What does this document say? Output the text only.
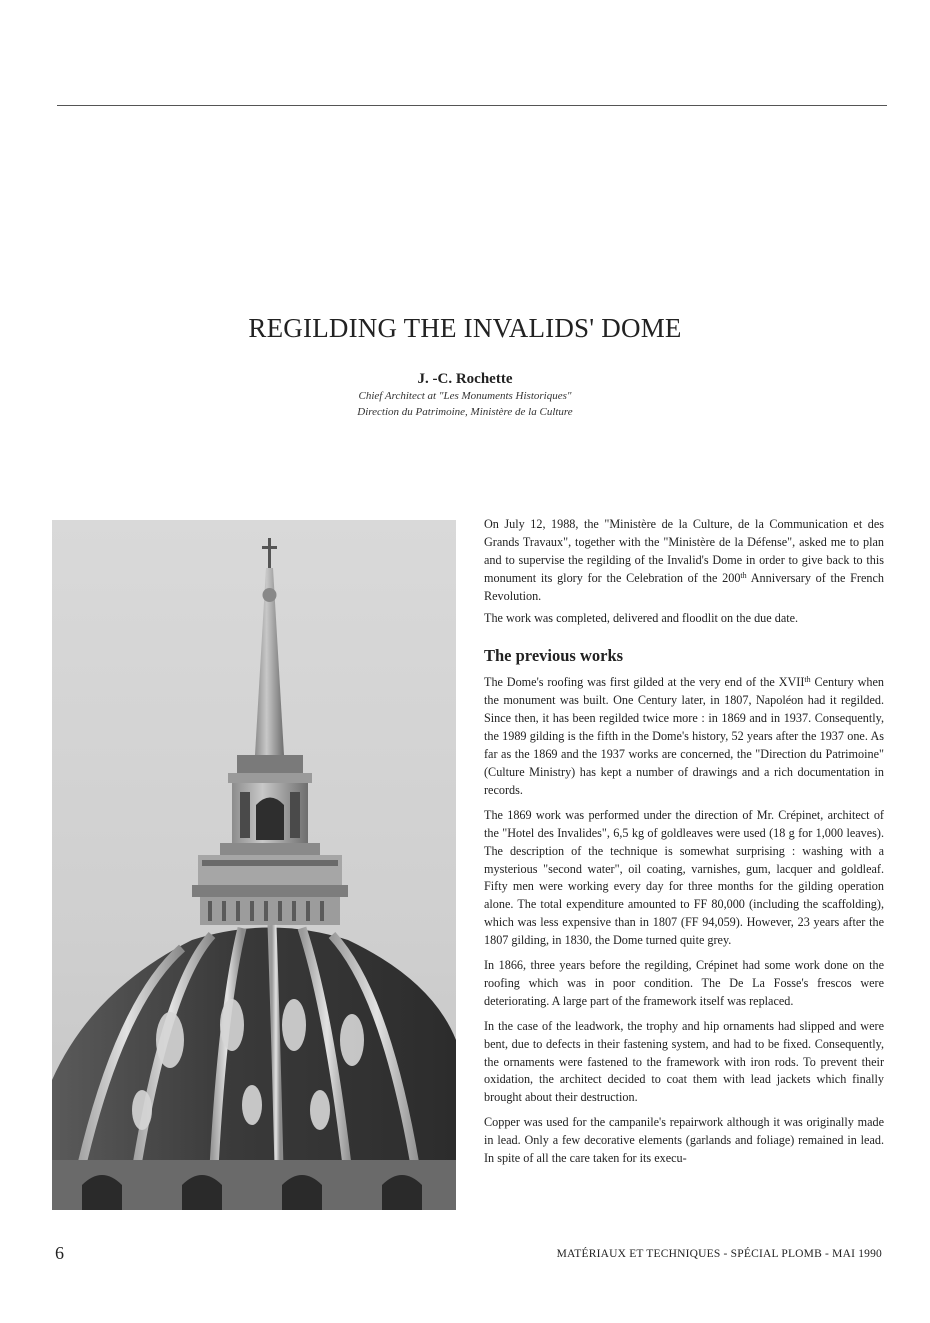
REGILDING THE INVALIDS' DOME
J. -C. Rochette
Chief Architect at "Les Monuments Historiques"
Direction du Patrimoine, Ministère de la Culture

On July 12, 1988, the "Ministère de la Culture, de la Communication et des Grands Travaux", together with the "Ministère de la Défense", asked me to plan and to supervise the regilding of the Invalid's Dome in order to give back to this monument its glory for the Celebration of the 200th Anniversary of the French Revolution.

The work was completed, delivered and floodlit on the due date.

The previous works

The Dome's roofing was first gilded at the very end of the XVIIth Century when the monument was built. One Century later, in 1807, Napoléon had it regilded. Since then, it has been regilded twice more : in 1869 and in 1937. Consequently, the 1989 gilding is the fifth in the Dome's history, 52 years after the 1937 one. As far as the 1869 and the 1937 works are concerned, the "Direction du Patrimoine" (Culture Ministry) has kept a number of drawings and a rich documentation in records.

The 1869 work was performed under the direction of Mr. Crépinet, architect of the "Hotel des Invalides", 6,5 kg of goldleaves were used (18 g for 1,000 leaves). The description of the technique is somewhat surprising : washing with a mysterious "second water", oil coating, varnishes, gum, lacquer and goldleaf. Fifty men were working every day for three months for the gilding operation alone. The total expenditure amounted to FF 80,000 (including the scaffolding), which was less expensive than in 1807 (FF 94,059). However, 23 years after the 1807 gilding, in 1830, the Dome turned quite grey.

In 1866, three years before the regilding, Crépinet had some work done on the roofing which was in poor condition. The De La Fosse's frescos were deteriorating. A large part of the framework itself was replaced.

In the case of the leadwork, the trophy and hip ornaments had slipped and were bent, due to defects in their fastening system, and had to be fixed. Consequently, the ornaments were fastened to the framework with iron rods. To prevent their oxidation, the architect decided to coat them with lead jackets which finally brought about their destruction.

Copper was used for the campanile's repairwork although it was originally made in lead. Only a few decorative elements (garlands and foliage) remained in lead. In spite of all the care taken for its execu-

6	MATÉRIAUX ET TECHNIQUES - SPÉCIAL PLOMB - MAI 1990
